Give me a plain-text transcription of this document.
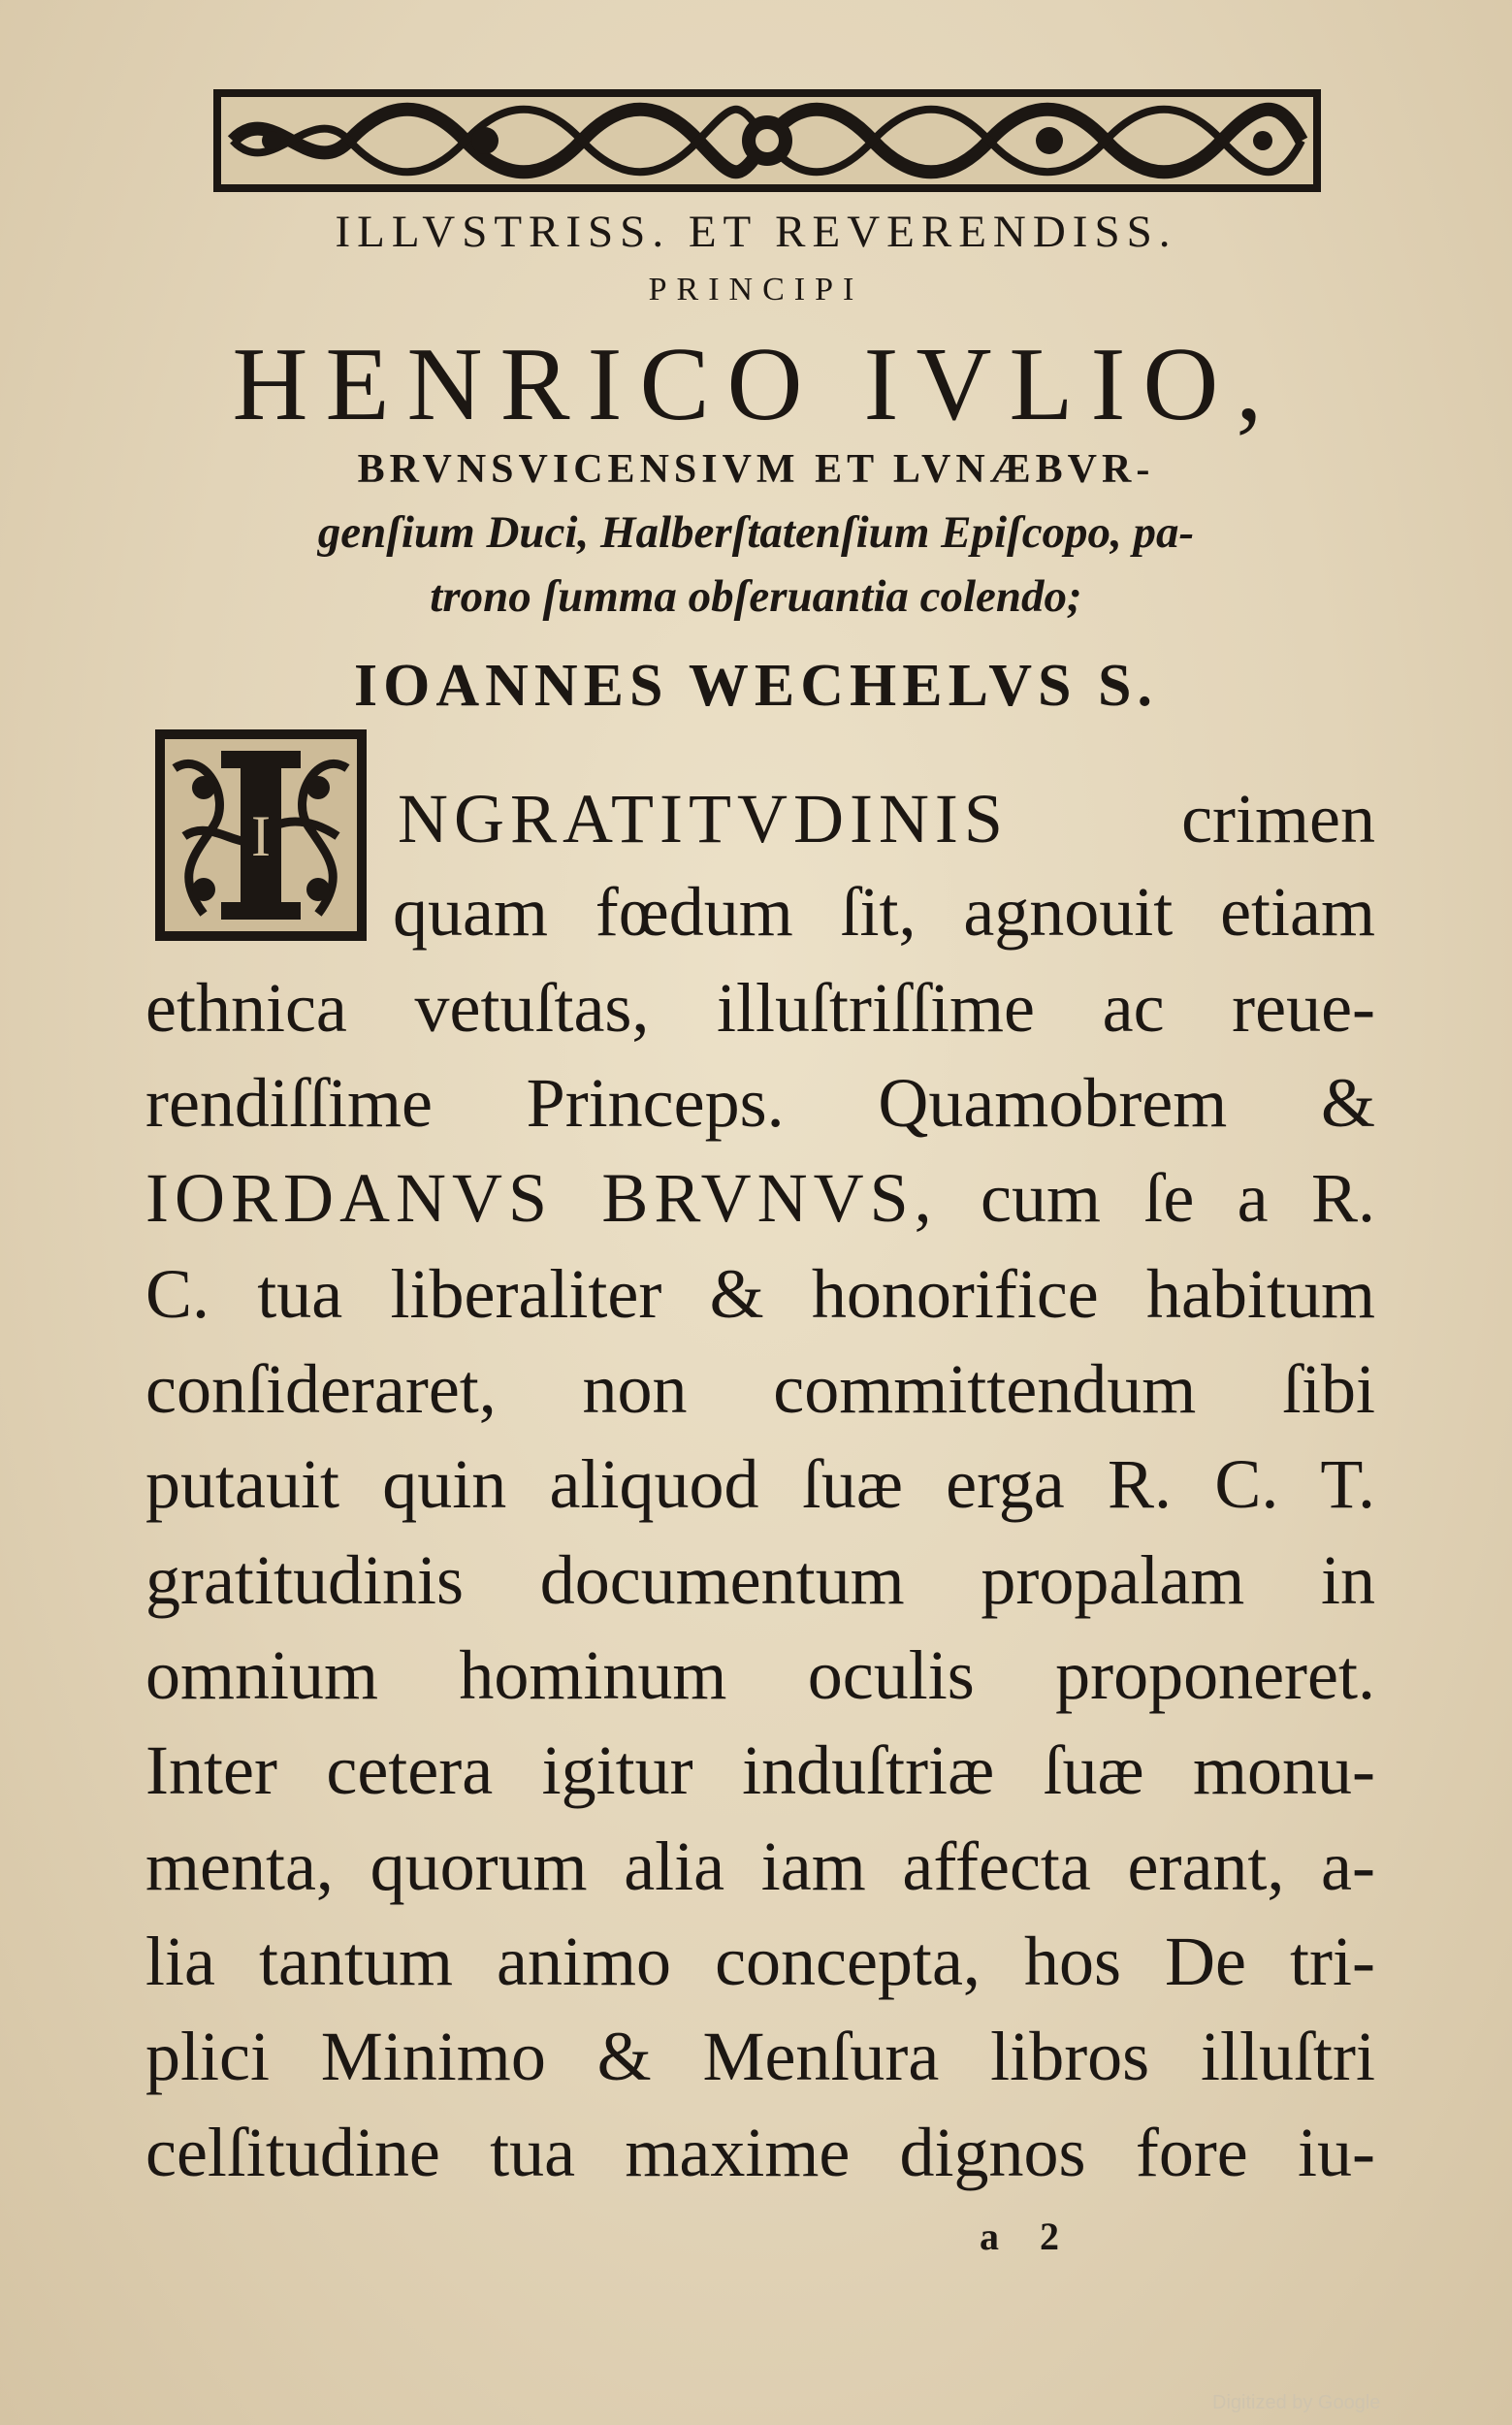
ILLVSTRISS. ET REVERENDISS.
PRINCIPI
HENRICO IVLIO,
BRVNSVICENSIVM ET LVNÆBVR-
genſium Duci, Halberſtatenſium Epiſcopo, pa-
trono ſumma obſeruantia colendo;
IOANNES WECHELVS S.
I NGRATITVDINIS crimen
quam fœdum ſit, agnouit etiam
ethnica vetuſtas, illuſtriſſime ac reue-
rendiſſime Princeps. Quamobrem &
IORDANVS BRVNVS, cum ſe a R.
C. tua liberaliter & honorifice habitum
conſideraret, non committendum ſibi
putauit quin aliquod ſuæ erga R. C. T.
gratitudinis documentum propalam in
omnium hominum oculis proponeret.
Inter cetera igitur induſtriæ ſuæ monu-
menta, quorum alia iam affecta erant, a-
lia tantum animo concepta, hos De tri-
plici Minimo & Menſura libros illuſtri
celſitudine tua maxime dignos fore iu-
a 2
Digitized by Google
